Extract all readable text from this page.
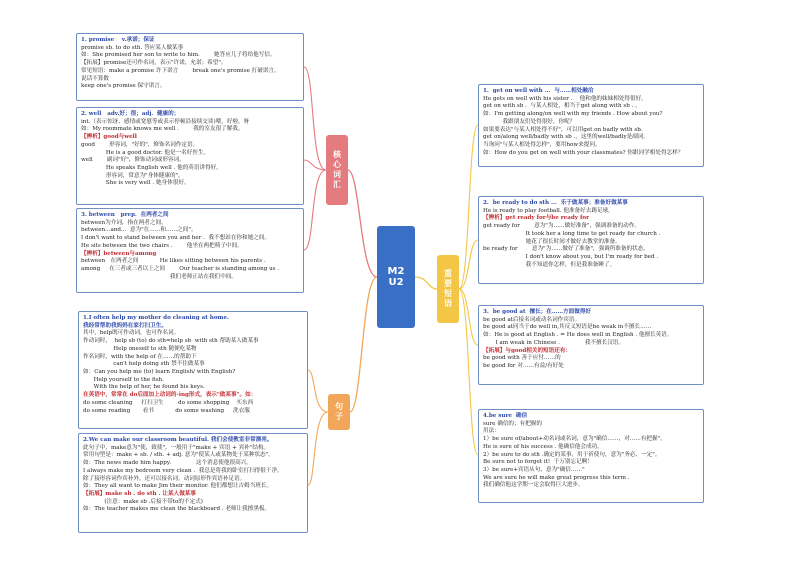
M2
U2
核心词汇
句子
重要短语
1. promise    v.承诺；保证
promise sb. to do sth. 答应某人做某事
如：She promised her son to write to him.        她答应儿子将给他写信。
【拓展】promise还可作名词，表示"许诺，允诺；希望"。
常见短语：make a promise 许下诺言        break one's promise 打破诺言，
说话不算数
keep one's promise 保守诺言。
2. well   adv.好；很；adj．健康的；
int.（表示惊讶、感情或宽慰等或表示停顿沿接续交谈)喂，好啦，呀
如：My roommate knows me well .        我的室友很了解我。
【辨析】good与well
good        形容词，"好的"，修饰名词作定语。
He is a good doctor. 他是一名好医生。
well        副词"好"，修饰动词或形容词。
He speaks English well . 他的英语讲得好。
形容词，常意为"身体健康的"。
She is very well . 她身体很好。
3. between   prep．在两者之间
between为介词，指在两者之间。
between...and...  意为"在……和……之间"。
I don't want to stand between you and her .  我不想站在你和她之间。
He sits between the two chairs .        他坐在两把椅子中间。
【辨析】between与among
between   在两者之间            He likes sitting between his parents .
among     在三者或三者以上之间        Our teacher is standing among us .
我们老师正站在我们中间。
1.I often help my mother do cleaning at home.
我经常帮助我妈妈在家打扫卫生。
其中，help既可作动词，也可作名词。
作动词时，  help sb (to) do sth=help sb  with sth 帮助某人做某事
Help oneself to sth 随便吃某物
作名词时，with the help of 在……的帮助下
can't help doing sth 禁不住做某事
如：Can you help me (to) learn English/ with English?
Help yourself to the fish.
With the help of her, he found his keys.
在英语中，常常在 do后面加上动词的-ing形式，表示"做某事"。如：
do some cleaning     打扫卫生        do some shopping    买东西
do some reading       看书            do some washing     洗衣服
2.We can make our classroom beautiful. 我们会使教室非常漂亮。
此句子中，make意为"使，致使"，一般用于"make + 宾语 + 宾补"结构。
常用句型是：make + sb. / sth. + adj. 意为"使某人或某物处于某种状态"。
如：The news made him happy.              这个消息使他很高兴。
I always make my bedroom very clean .  我总是将我的卧室打扫得很干净。
除了接形容词作宾补外，还可以接名词，动词原形作宾语补足语。
如：They all want to make Jim their monitor. 他们都想让吉姆当班长。
【拓展】make sb . do sth . 让某人做某事
(注意：make sb .后接不带to的不定式)
如：The teacher makes me clean the blackboard . 老师让我擦黑板。
1.  get on well with ...  与……相处融洽
He gets on well with his sister .    他和他的妹妹相处得很好。
get on with sb .  与某人相处，相当于get along with sb . 。
如：I'm getting along/on well with my friends . How about you?
我跟朋友们处得很好，你呢？
如果要表达"与某人相处得不好"，可以用get on badly with sb.
get on/along well/badly with sb .，这里的well/badly是副词。
当询问"与某人相处得怎样"，要用how来提问。
如：How do you get on well with your classmates? 你跟同学相处得怎样？
2.  be ready to do sth ...  乐于做某事；准备好做某事
He is ready to play football. 他准备好去踢足球。
【辨析】get ready for与be ready for
get ready for        意为"为……做好准备"，强调准备的动作。
It took her a long time to get ready for church .
她花了很长时间才做好去教堂的准备。
be ready for        意为"为……做好了准备"，强调所准备的状态。
I don't know about you, but I'm ready for bed .
我不知道你怎样，但是我准备睡了。
3.  be good at  擅长；在……方面做得好
be good at后接名词或动名词作宾语。
be good at同当于do well in,其反义短语是be weak in不擅长……
如：He is good at English . = He does well in English . 他擅长英语。
I am weak in Chinese .              我不擅长汉语。
【拓展】与good相关的短语还有：
be good with 善于应付……的
be good for 对……有益/有好处
4.be sure  确信
sure 确信的；有把握的
用法：
1）be sure of/about+动名词或名词，意为"确信……，对……有把握"。
He is sure of his success . 他确信他会成功。
2）be sure to do sth .确定的某事，用于祈使句，意为"务必、一定"。
Be sure not to forget it!  千万别忘记啊！
3）be sure+宾语从句，意为"确信……"
We are sure he will make great progress this term .
我们确信他这学期一定会取得巨大进步。
